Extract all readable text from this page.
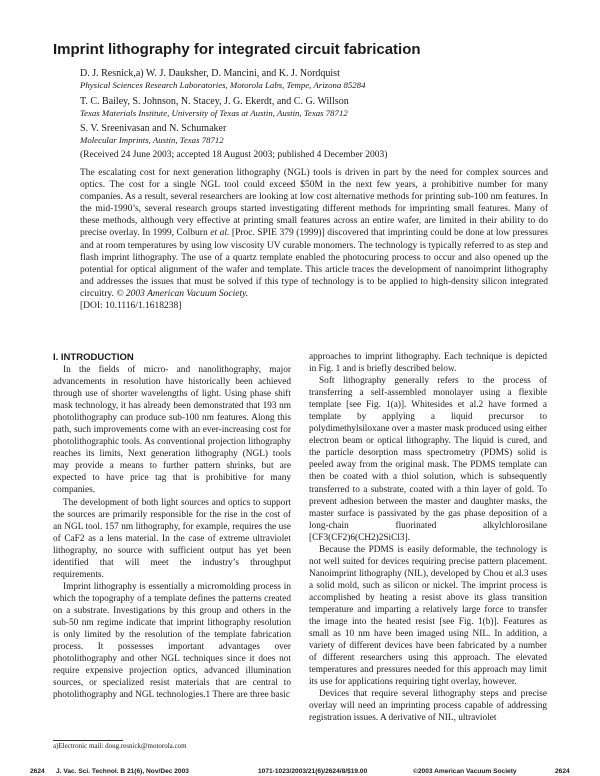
Imprint lithography for integrated circuit fabrication
D. J. Resnick,a) W. J. Dauksher, D. Mancini, and K. J. Nordquist
Physical Sciences Research Laboratories, Motorola Labs, Tempe, Arizona 85284
T. C. Bailey, S. Johnson, N. Stacey, J. G. Ekerdt, and C. G. Willson
Texas Materials Institute, University of Texas at Austin, Austin, Texas 78712
S. V. Sreenivasan and N. Schumaker
Molecular Imprints, Austin, Texas 78712
(Received 24 June 2003; accepted 18 August 2003; published 4 December 2003)
The escalating cost for next generation lithography (NGL) tools is driven in part by the need for complex sources and optics. The cost for a single NGL tool could exceed $50M in the next few years, a prohibitive number for many companies. As a result, several researchers are looking at low cost alternative methods for printing sub-100 nm features. In the mid-1990’s, several research groups started investigating different methods for imprinting small features. Many of these methods, although very effective at printing small features across an entire wafer, are limited in their ability to do precise overlay. In 1999, Colburn et al. [Proc. SPIE 379 (1999)] discovered that imprinting could be done at low pressures and at room temperatures by using low viscosity UV curable monomers. The technology is typically referred to as step and flash imprint lithography. The use of a quartz template enabled the photocuring process to occur and also opened up the potential for optical alignment of the wafer and template. This article traces the development of nanoimprint lithography and addresses the issues that must be solved if this type of technology is to be applied to high-density silicon integrated circuitry. © 2003 American Vacuum Society.
[DOI: 10.1116/1.1618238]

I. INTRODUCTION

In the fields of micro- and nanolithography, major advancements in resolution have historically been achieved through use of shorter wavelengths of light. Using phase shift mask technology, it has already been demonstrated that 193 nm photolithography can produce sub-100 nm features. Along this path, such improvements come with an ever-increasing cost for photolithographic tools. As conventional projection lithography reaches its limits, Next generation lithography (NGL) tools may provide a means to further pattern shrinks, but are expected to have price tag that is prohibitive for many companies.

The development of both light sources and optics to support the sources are primarily responsible for the rise in the cost of an NGL tool. 157 nm lithography, for example, requires the use of CaF2 as a lens material. In the case of extreme ultraviolet lithography, no source with sufficient output has yet been identified that will meet the industry’s throughput requirements.

Imprint lithography is essentially a micromolding process in which the topography of a template defines the patterns created on a substrate. Investigations by this group and others in the sub-50 nm regime indicate that imprint lithography resolution is only limited by the resolution of the template fabrication process. It possesses important advantages over photolithography and other NGL techniques since it does not require expensive projection optics, advanced illumination sources, or specialized resist materials that are central to photolithography and NGL technologies.1 There are three basic

approaches to imprint lithography. Each technique is depicted in Fig. 1 and is briefly described below.

Soft lithography generally refers to the process of transferring a self-assembled monolayer using a flexible template [see Fig. 1(a)]. Whitesides et al.2 have formed a template by applying a liquid precursor to polydimethylsiloxane over a master mask produced using either electron beam or optical lithography. The liquid is cured, and the particle desorption mass spectrometry (PDMS) solid is peeled away from the original mask. The PDMS template can then be coated with a thiol solution, which is subsequently transferred to a substrate, coated with a thin layer of gold. To prevent adhesion between the master and daughter masks, the master surface is passivated by the gas phase deposition of a long-chain fluorinated alkylchlorosilane [CF3(CF2)6(CH2)2SiCl3].

Because the PDMS is easily deformable, the technology is not well suited for devices requiring precise pattern placement. Nanoimprint lithography (NIL), developed by Chou et al.3 uses a solid mold, such as silicon or nickel. The imprint process is accomplished by heating a resist above its glass transition temperature and imparting a relatively large force to transfer the image into the heated resist [see Fig. 1(b)]. Features as small as 10 nm have been imaged using NIL. In addition, a variety of different devices have been fabricated by a number of different researchers using this approach. The elevated temperatures and pressures needed for this approach may limit its use for applications requiring tight overlay, however.

Devices that require several lithography steps and precise overlay will need an imprinting process capable of addressing registration issues. A derivative of NIL, ultraviolet

a)Electronic mail: doug.resnick@motorola.com
2624 J. Vac. Sci. Technol. B 21(6), Nov/Dec 2003	1071-1023/2003/21(6)/2624/8/$19.00	©2003 American Vacuum Society	2624
